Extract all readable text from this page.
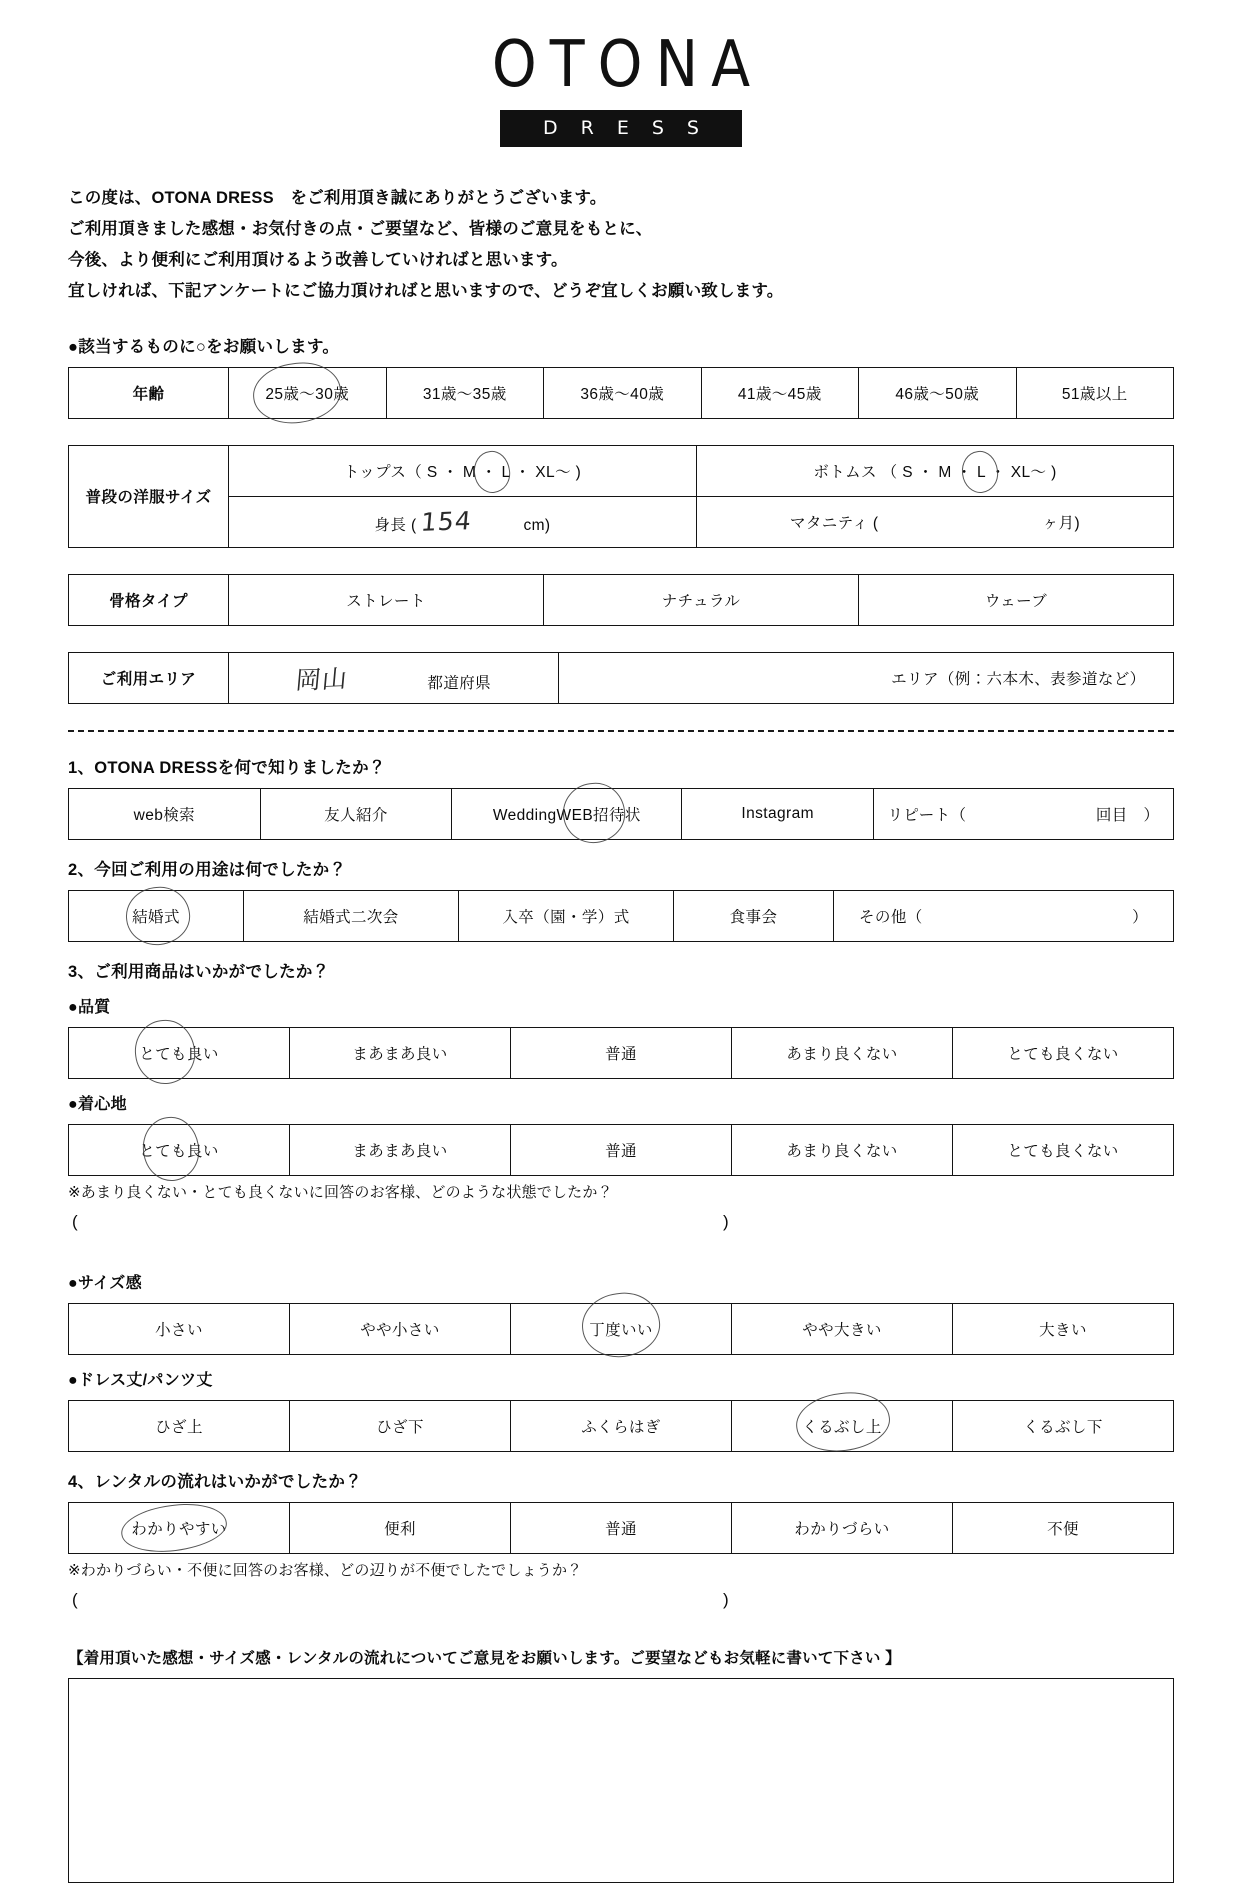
OTONA
DRESS
この度は、OTONA DRESS　をご利用頂き誠にありがとうございます。
ご利用頂きました感想・お気付きの点・ご要望など、皆様のご意見をもとに、
今後、より便利にご利用頂けるよう改善していければと思います。
宜しければ、下記アンケートにご協力頂ければと思いますので、どうぞ宜しくお願い致します。
●該当するものに○をお願いします。
年齢	25歳〜30歳	31歳〜35歳	36歳〜40歳	41歳〜45歳	46歳〜50歳	51歳以上
普段の洋服サイズ	トップス（ S ・ M ・ L ・ XL〜 )	ボトムス （ S ・ M ・ L ・ XL〜 )

	身長 ( 154 cm)	マタニティ ( ヶ月)
骨格タイプ	ストレート	ナチュラル	ウェーブ
ご利用エリア	岡山	都道府県	エリア（例：六本木、表参道など）
1、OTONA DRESSを何で知りましたか？
web検索	友人紹介	WeddingWEB招待状	Instagram	リピート（	回目　）
2、今回ご利用の用途は何でしたか？
結婚式	結婚式二次会	入卒（園・学）式	食事会	その他（	）
3、ご利用商品はいかがでしたか？
●品質
とても良い	まあまあ良い	普通	あまり良くない	とても良くない
●着心地
とても良い	まあまあ良い	普通	あまり良くない	とても良くない
※あまり良くない・とても良くないに回答のお客様、どのような状態でしたか？
(	)
●サイズ感
小さい	やや小さい	丁度いい	やや大きい	大きい
●ドレス丈/パンツ丈
ひざ上	ひざ下	ふくらはぎ	くるぶし上	くるぶし下
4、レンタルの流れはいかがでしたか？
わかりやすい	便利	普通	わかりづらい	不便
※わかりづらい・不便に回答のお客様、どの辺りが不便でしたでしょうか？
(	)
【着用頂いた感想・サイズ感・レンタルの流れについてご意見をお願いします。ご要望などもお気軽に書いて下さい 】
